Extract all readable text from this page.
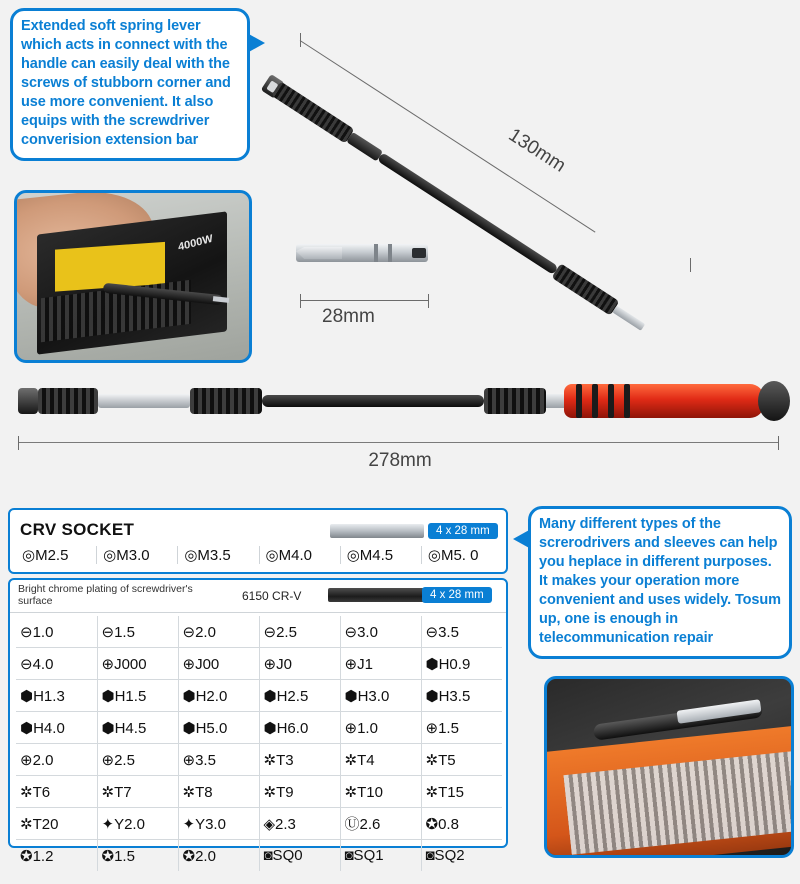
Extended soft spring lever which acts in connect with the handle can easily deal with the screws of stubborn corner and use more convenient. It also equips with the screwdriver converision extension bar
4000W
130mm
28mm
278mm
CRV SOCKET	4 x 28 mm
◎M2.5	◎M3.0	◎M3.5	◎M4.0	◎M4.5	◎M5. 0
Bright chrome plating of screwdriver's surface	6150 CR-V	4 x 28 mm
⊖1.0	⊖1.5	⊖2.0	⊖2.5	⊖3.0	⊖3.5
⊖4.0	⊕J000	⊕J00	⊕J0	⊕J1	⬢H0.9
⬢H1.3	⬢H1.5	⬢H2.0	⬢H2.5	⬢H3.0	⬢H3.5
⬢H4.0	⬢H4.5	⬢H5.0	⬢H6.0	⊕1.0	⊕1.5
⊕2.0	⊕2.5	⊕3.5	✲T3	✲T4	✲T5
✲T6	✲T7	✲T8	✲T9	✲T10	✲T15
✲T20	✦Y2.0	✦Y3.0	◈2.3	Ⓤ2.6	✪0.8
✪1.2	✪1.5	✪2.0	◙SQ0	◙SQ1	◙SQ2
Many different types of the screrodrivers and sleeves can help you heplace in different purposes. It makes your operation more convenient and uses widely. Tosum up, one is enough in telecommunication repair
